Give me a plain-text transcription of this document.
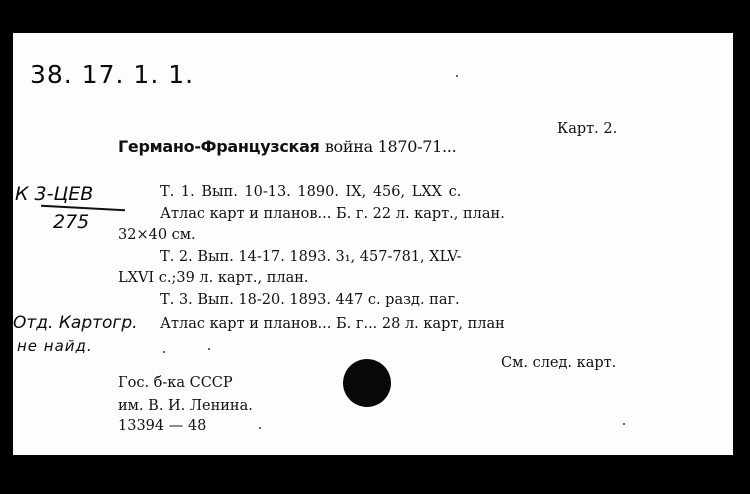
38. 17. 1. 1.
Карт. 2.
Германо-Французская война 1870-71...
К 3-ЦЕВ
275
Т. 1. Вып. 10-13. 1890. IX, 456, LXX с.
Атлас карт и планов... Б. г. 22 л. карт., план.
32×40 см.
Т. 2. Вып. 14-17. 1893. 3₁, 457-781, XLV-
LXVI с.;39 л. карт., план.
Т. 3. Вып. 18-20. 1893. 447 с. разд. паг.
Атлас карт и планов... Б. г... 28 л. карт, план
Отд. Картогр.
не найд.
См. след. карт.
Гос. б-ка СССР
им. В. И. Ленина.
13394 — 48
